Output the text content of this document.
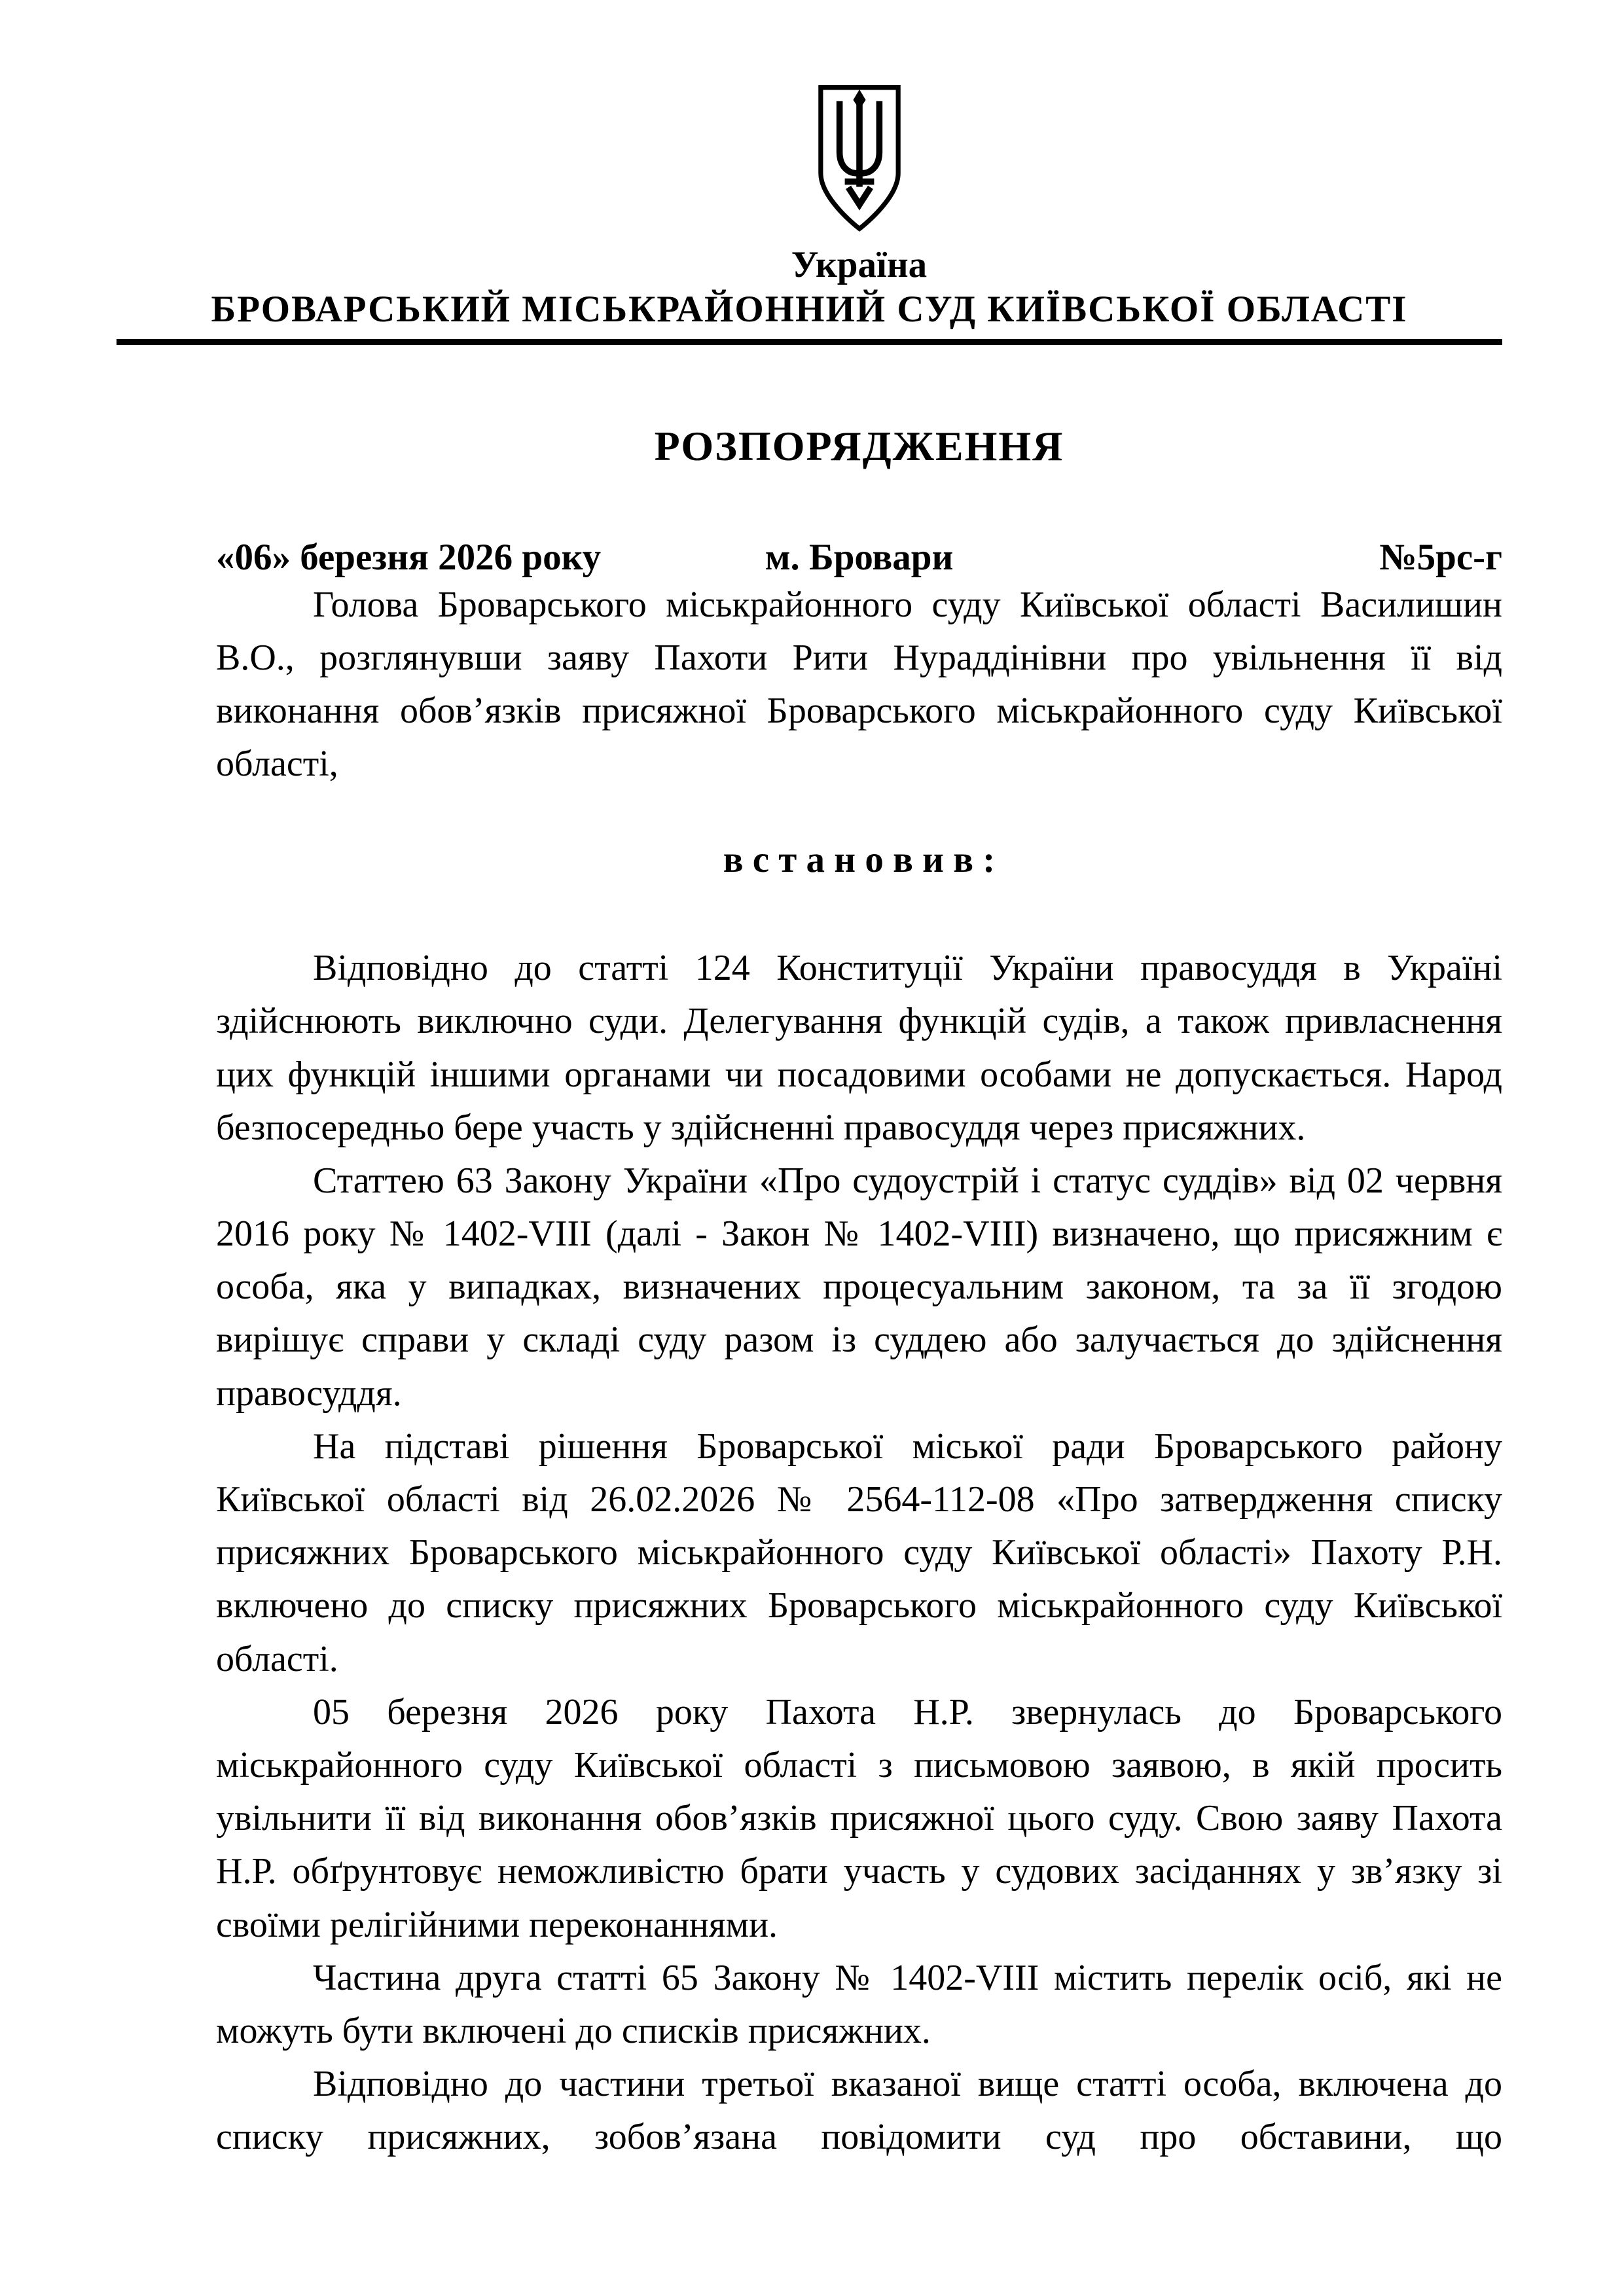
Україна
БРОВАРСЬКИЙ МІСЬКРАЙОННИЙ СУД КИЇВСЬКОЇ ОБЛАСТІ
РОЗПОРЯДЖЕННЯ
«06» березня 2026 року	м. Бровари	№5рс-г

Голова Броварського міськрайонного суду Київської області Василишин В.О., розглянувши заяву Пахоти Рити Нураддінівни про увільнення її від виконання обов’язків присяжної Броварського міськрайонного суду Київської області,

в с т а н о в и в :

Відповідно до статті 124 Конституції України правосуддя в Україні здійснюють виключно суди. Делегування функцій судів, а також привласнення цих функцій іншими органами чи посадовими особами не допускається. Народ безпосередньо бере участь у здійсненні правосуддя через присяжних.

Статтею 63 Закону України «Про судоустрій і статус суддів» від 02 червня 2016 року № 1402-VIII (далі - Закон № 1402-VIII) визначено, що присяжним є особа, яка у випадках, визначених процесуальним законом, та за її згодою вирішує справи у складі суду разом із суддею або залучається до здійснення правосуддя.

На підставі рішення Броварської міської ради Броварського району Київської області від 26.02.2026 № 2564-112-08 «Про затвердження списку присяжних Броварського міськрайонного суду Київської області» Пахоту Р.Н. включено до списку присяжних Броварського міськрайонного суду Київської області.

05 березня 2026 року Пахота Н.Р. звернулась до Броварського міськрайонного суду Київської області з письмовою заявою, в якій просить увільнити її від виконання обов’язків присяжної цього суду. Свою заяву Пахота Н.Р. обґрунтовує неможливістю брати участь у судових засіданнях у зв’язку зі своїми релігійними переконаннями.

Частина друга статті 65 Закону № 1402-VIII містить перелік осіб, які не можуть бути включені до списків присяжних.

Відповідно до частини третьої вказаної вище статті особа, включена до списку присяжних, зобов’язана повідомити суд про обставини, що
